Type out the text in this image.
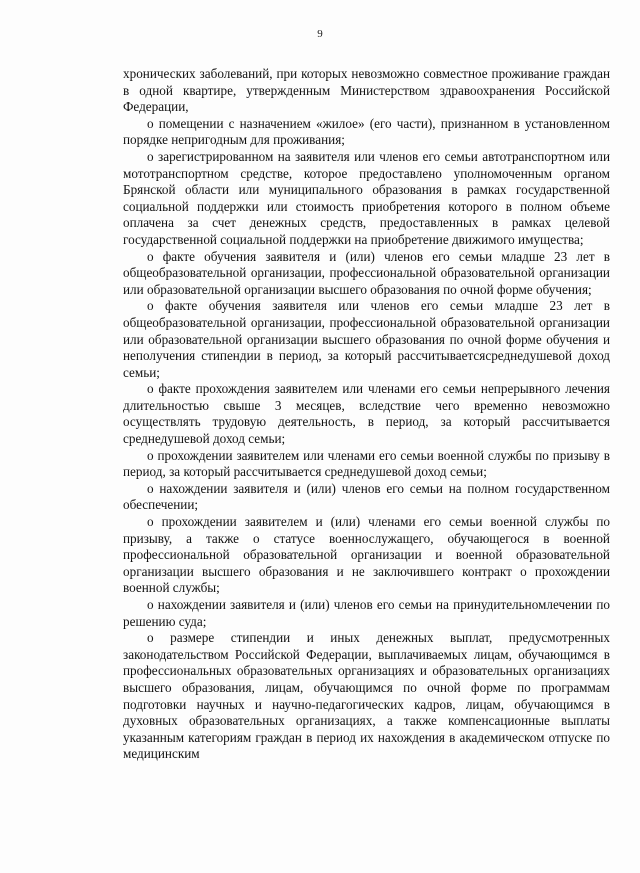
9

хронических заболеваний, при которых невозможно совместное проживание граждан в одной квартире, утвержденным Министерством здравоохранения Российской Федерации,

о помещении с назначением «жилое» (его части), признанном в установленном порядке непригодным для проживания;

о зарегистрированном на заявителя или членов его семьи автотранспортном или мототранспортном средстве, которое предоставлено уполномоченным органом Брянской области или муниципального образования в рамках государственной социальной поддержки или стоимость приобретения которого в полном объеме оплачена за счет денежных средств, предоставленных в рамках целевой государственной социальной поддержки на приобретение движимого имущества;

о факте обучения заявителя и (или) членов его семьи младше 23 лет в общеобразовательной организации, профессиональной образовательной организации или образовательной организации высшего образования по очной форме обучения;

о факте обучения заявителя или членов его семьи младше 23 лет в общеобразовательной организации, профессиональной образовательной организации или образовательной организации высшего образования по очной форме обучения и неполучения стипендии в период, за который рассчитываетсясреднедушевой доход семьи;

о факте прохождения заявителем или членами его семьи непрерывного лечения длительностью свыше 3 месяцев, вследствие чего временно невозможно осуществлять трудовую деятельность, в период, за который рассчитывается среднедушевой доход семьи;

о прохождении заявителем или членами его семьи военной службы по призыву в период, за который рассчитывается среднедушевой доход семьи;

о нахождении заявителя и (или) членов его семьи на полном государственном обеспечении;

о прохождении заявителем и (или) членами его семьи военной службы по призыву, а также о статусе военнослужащего, обучающегося в военной профессиональной образовательной организации и военной образовательной организации высшего образования и не заключившего контракт о прохождении военной службы;

о нахождении заявителя и (или) членов его семьи на принудительномлечении по решению суда;

о размере стипендии и иных денежных выплат, предусмотренных законодательством Российской Федерации, выплачиваемых лицам, обучающимся в профессиональных образовательных организациях и образовательных организациях высшего образования, лицам, обучающимся по очной форме по программам подготовки научных и научно-педагогических кадров, лицам, обучающимся в духовных образовательных организациях, а также компенсационные выплаты указанным категориям граждан в период их нахождения в академическом отпуске по медицинским
